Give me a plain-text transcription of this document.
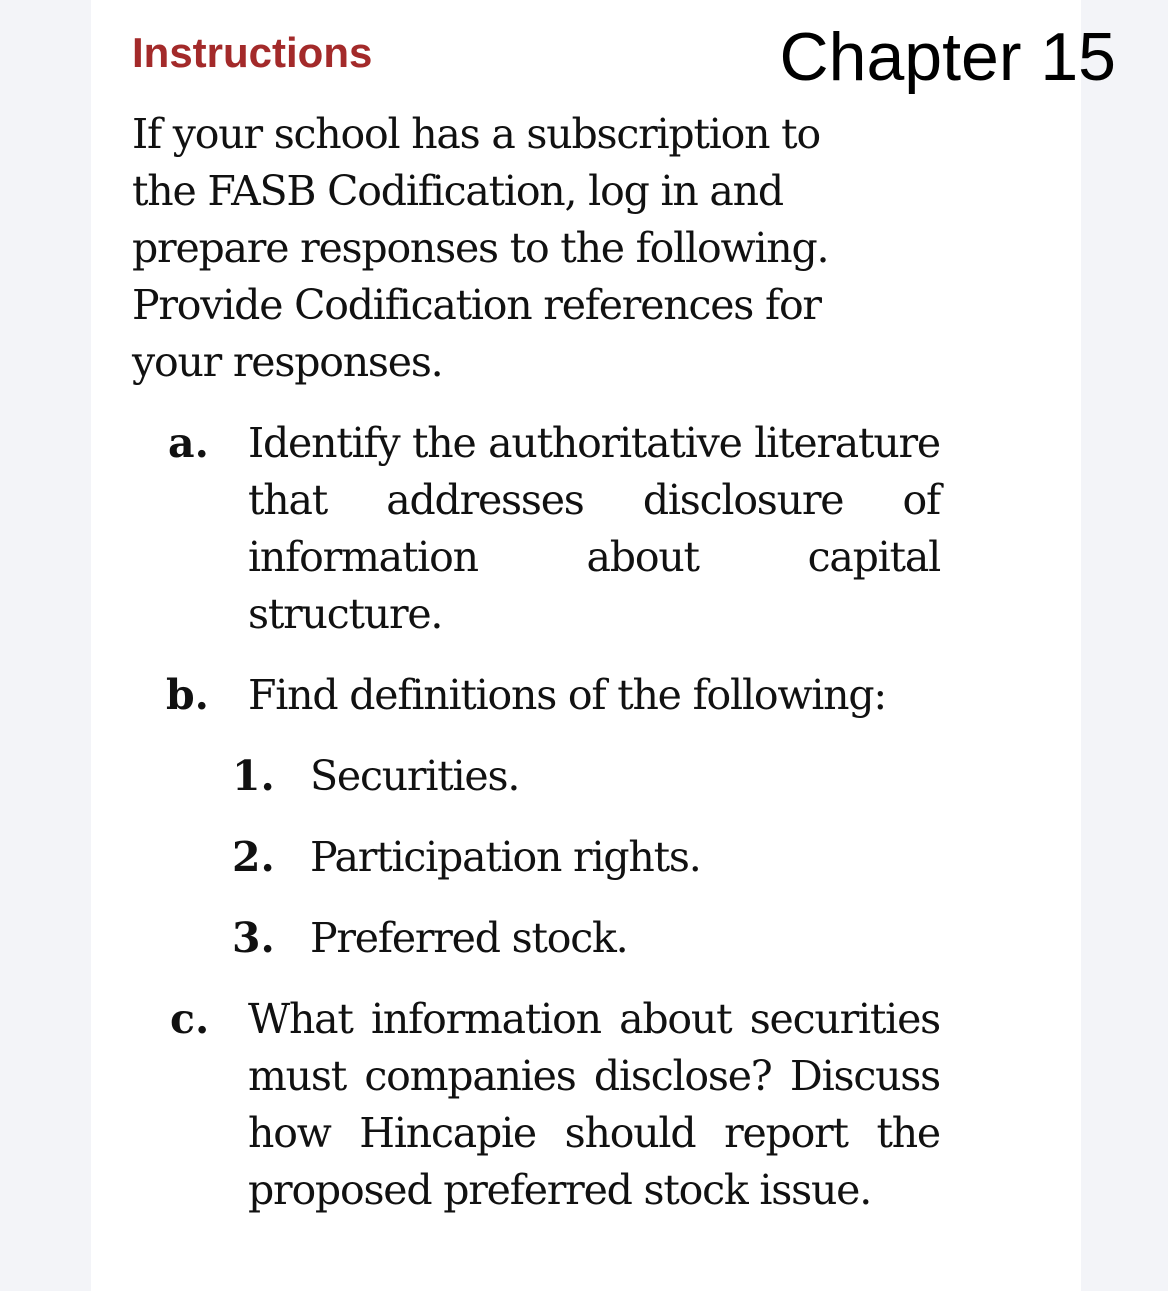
Instructions	Chapter 15

If your school has a subscription to the FASB Codification, log in and prepare responses to the following. Provide Codification references for your responses.

a. Identify the authoritative literature that addresses disclosure of information about capital structure.
b. Find definitions of the following:
1. Securities.
2. Participation rights.
3. Preferred stock.
c. What information about securities must companies disclose? Discuss how Hincapie should report the proposed preferred stock issue.
